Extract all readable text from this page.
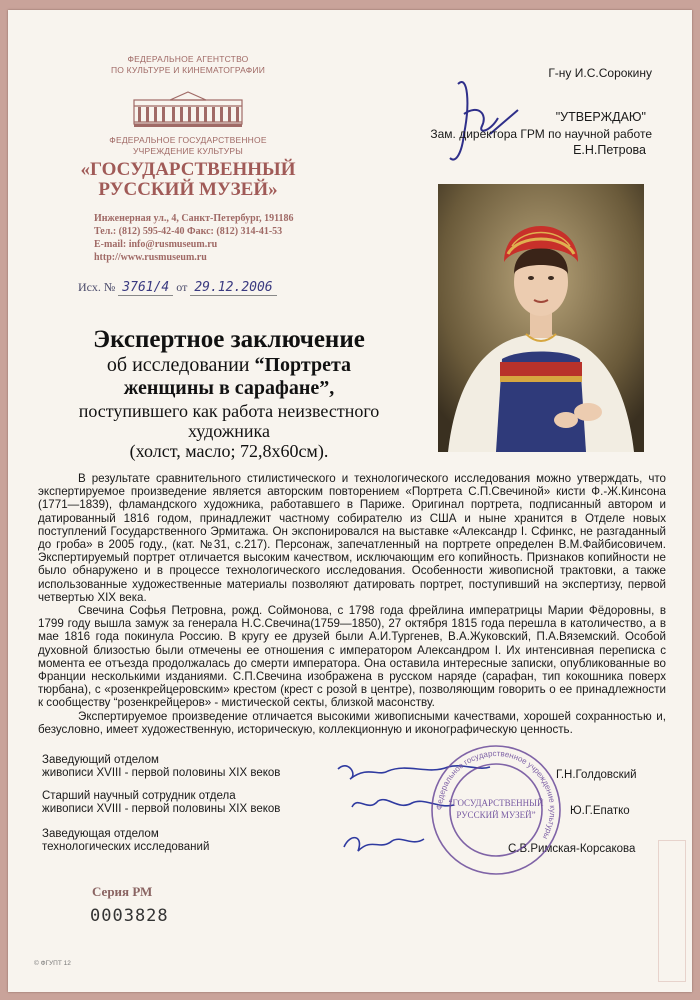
ФЕДЕРАЛЬНОЕ АГЕНТСТВО
ПО КУЛЬТУРЕ И КИНЕМАТОГРАФИИ
ФЕДЕРАЛЬНОЕ ГОСУДАРСТВЕННОЕ
УЧРЕЖДЕНИЕ КУЛЬТУРЫ
«ГОСУДАРСТВЕННЫЙ
РУССКИЙ МУЗЕЙ»
Инженерная ул., 4, Санкт-Петербург, 191186
Тел.: (812) 595-42-40 Факс: (812) 314-41-53
E-mail: info@rusmuseum.ru
http://www.rusmuseum.ru
Исх. № 3761/4 от 29.12.2006
Г-ну И.С.Сорокину
"УТВЕРЖДАЮ"
Зам. директора ГРМ по научной работе
Е.Н.Петрова
Экспертное заключение
об исследовании “Портрета
женщины в сарафане”,
поступившего как работа неизвестного
художника
(холст, масло; 72,8х60см).

В результате сравнительного стилистического и технологического исследования можно утверждать, что экспертируемое произведение является авторским повторением «Портрета С.П.Свечиной» кисти Ф.-Ж.Кинсона (1771—1839), фламандского художника, работавшего в Париже. Оригинал портрета, подписанный автором и датированный 1816 годом, принадлежит частному собирателю из США и ныне хранится в Отделе новых поступлений Государственного Эрмитажа. Он экспонировался на выставке «Александр I. Сфинкс, не разгаданный до гроба» в 2005 году., (кат. №31, с.217). Персонаж, запечатленный на портрете определен В.М.Файбисовичем. Экспертируемый портрет отличается высоким качеством, исключающим его копийность. Признаков копийности не было обнаружено и в процессе технологического исследования. Особенности живописной трактовки, а также использованные художественные материалы позволяют датировать портрет, поступивший на экспертизу, первой четвертью XIX века.

Свечина Софья Петровна, рожд. Соймонова, с 1798 года фрейлина императрицы Марии Фёдоровны, в 1799 году вышла замуж за генерала Н.С.Свечина(1759—1850), 27 октября 1815 года перешла в католичество, а в мае 1816 года покинула Россию. В кругу ее друзей были А.И.Тургенев, В.А.Жуковский, П.А.Вяземский. Особой духовной близостью были отмечены ее отношения с императором Александром I. Их интенсивная переписка с момента ее отъезда продолжалась до смерти императора. Она оставила интересные записки, опубликованные во Франции несколькими изданиями. С.П.Свечина изображена в русском наряде (сарафан, тип кокошника поверх тюрбана), с «розенкрейцеровским» крестом (крест с розой в центре), позволяющим говорить о ее принадлежности к сообществу “розенкрейцеров» - мистической секты, близкой масонству.

Экспертируемое произведение отличается высокими живописными качествами, хорошей сохранностью и, безусловно, имеет художественную, историческую, коллекционную и иконографическую ценность.

Заведующий отделом
живописи XVIII - первой половины XIX веков	Г.Н.Голдовский
Старший научный сотрудник отдела
живописи XVIII - первой половины XIX веков	Ю.Г.Епатко
Заведующая отделом
технологических исследований	С.В.Римская-Корсакова
Федеральное государственное учреждение культуры
“ГОСУДАРСТВЕННЫЙ
РУССКИЙ МУЗЕЙ”
Серия РМ
0003828
© ФГУПТ 12
